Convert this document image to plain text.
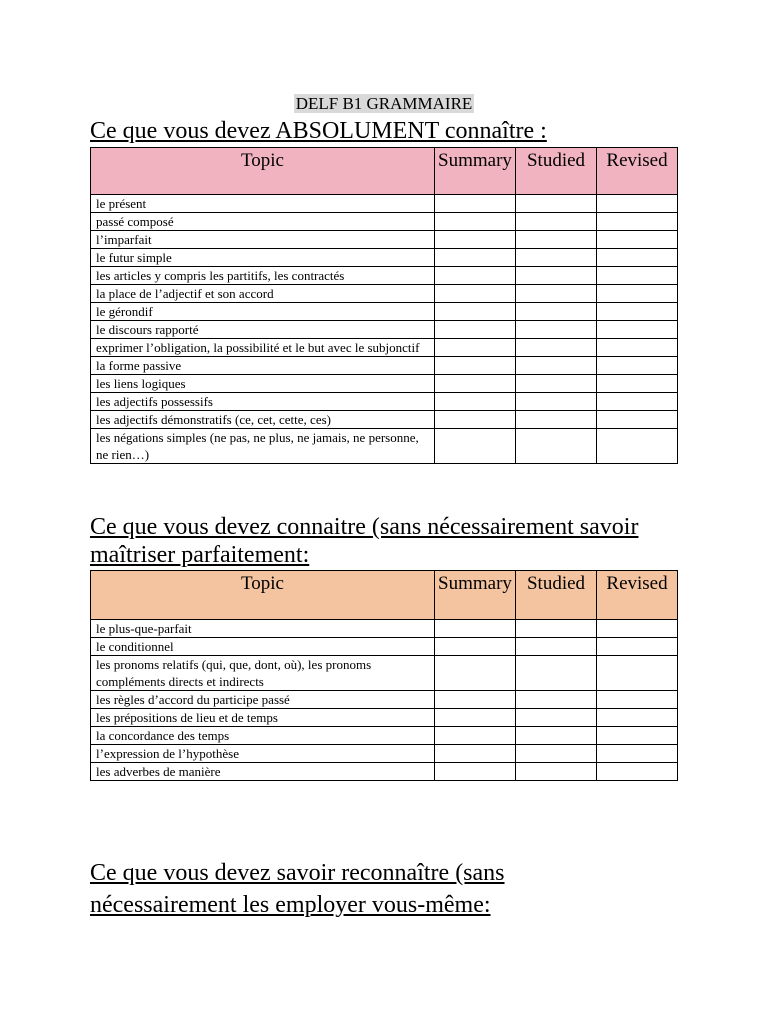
DELF B1 GRAMMAIRE
Ce que vous devez ABSOLUMENT connaître :
Topic	Summary	Studied	Revised
le présent			
passé composé			
l’imparfait			
le futur simple			
les articles y compris les partitifs, les contractés			
la place de l’adjectif et son accord			
le gérondif			
le discours rapporté			
exprimer l’obligation, la possibilité et le but avec le subjonctif			
la forme passive			
les liens logiques			
les adjectifs possessifs			
les adjectifs démonstratifs (ce, cet, cette, ces)			
les négations simples (ne pas, ne plus, ne jamais, ne personne, ne rien…)			
Ce que vous devez connaitre (sans nécessairement savoir maîtriser parfaitement:
Topic	Summary	Studied	Revised
le plus-que-parfait			
le conditionnel			
les pronoms relatifs (qui, que, dont, où), les pronoms compléments directs et indirects			
les règles d’accord du participe passé			
les prépositions de lieu et de temps			
la concordance des temps			
l’expression de l’hypothèse			
les adverbes de manière			
Ce que vous devez savoir reconnaître (sans nécessairement les employer vous-même:
